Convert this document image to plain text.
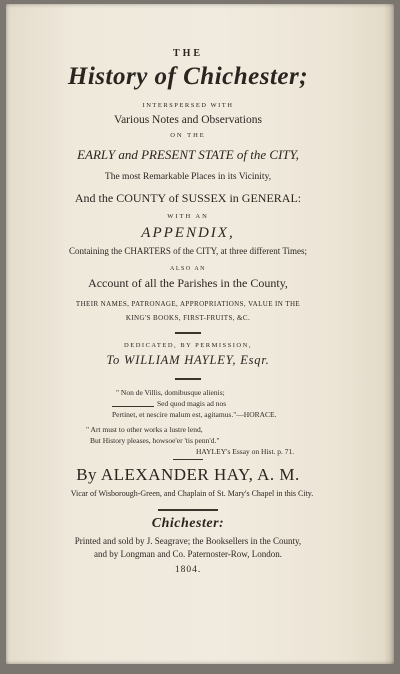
THE
History of Chichester;
INTERSPERSED WITH
Various Notes and Observations
ON THE
EARLY and PRESENT STATE of the CITY,
The most Remarkable Places in its Vicinity,
And the COUNTY of SUSSEX in GENERAL:
WITH AN
APPENDIX,
Containing the CHARTERS of the CITY, at three different Times;
ALSO AN
Account of all the Parishes in the County,
THEIR NAMES, PATRONAGE, APPROPRIATIONS, VALUE IN THE
KING'S BOOKS, FIRST-FRUITS, &C.
DEDICATED, BY PERMISSION,
To WILLIAM HAYLEY, Esqr.
" Non de Villis, domibusque alienis;
Sed quod magis ad nos
Pertinet, et nescire malum est, agitamus."—HORACE.
" Art must to other works a lustre lend,
But History pleases, howsoe'er 'tis penn'd."
HAYLEY's Essay on Hist. p. 71.
By ALEXANDER HAY, A. M.
Vicar of Wisborough-Green, and Chaplain of St. Mary's Chapel in this City.
Chichester:
Printed and sold by J. Seagrave; the Booksellers in the County,
and by Longman and Co. Paternoster-Row, London.
1804.
